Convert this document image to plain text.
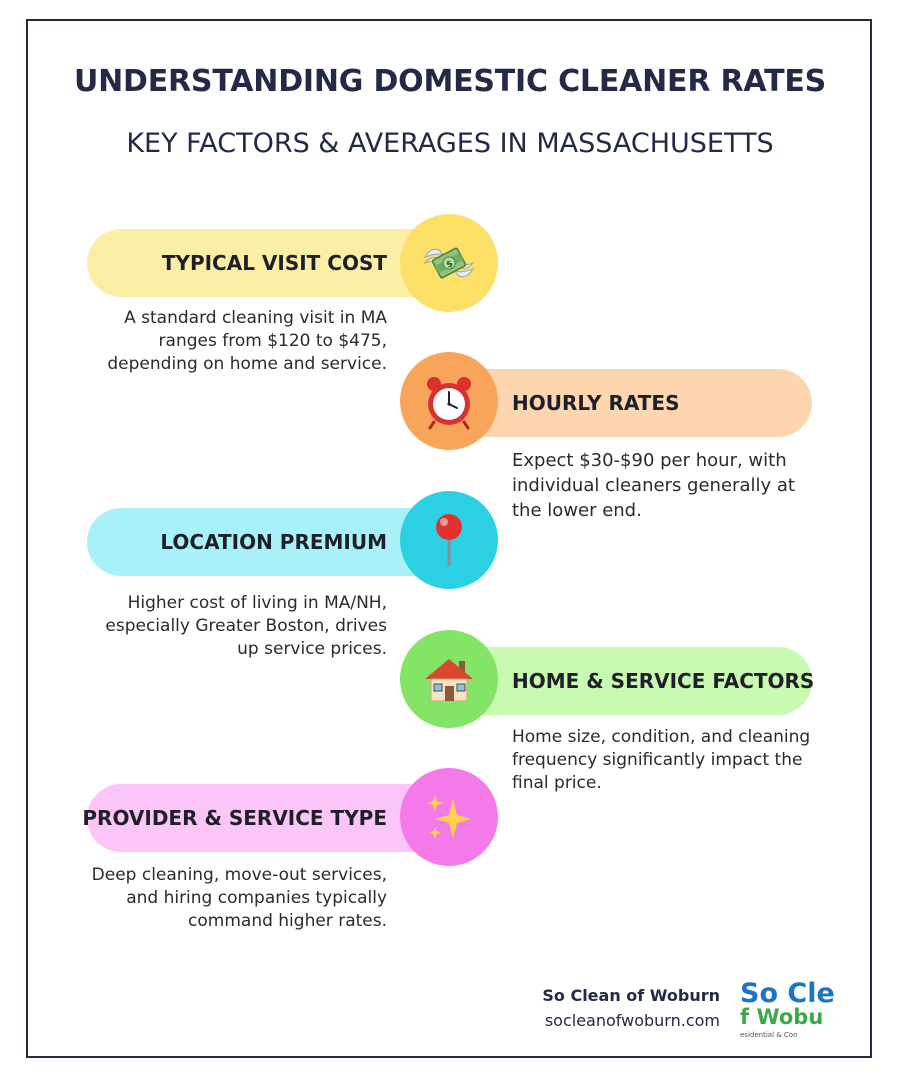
UNDERSTANDING DOMESTIC CLEANER RATES
KEY FACTORS & AVERAGES IN MASSACHUSETTS
TYPICAL VISIT COST	$

A standard cleaning visit in MA ranges from $120 to $475, depending on home and service.

HOURLY RATES

Expect $30-$90 per hour, with individual cleaners generally at the lower end.

LOCATION PREMIUM

Higher cost of living in MA/NH, especially Greater Boston, drives up service prices.

HOME & SERVICE FACTORS

Home size, condition, and cleaning frequency significantly impact the final price.

PROVIDER & SERVICE TYPE

Deep cleaning, move-out services, and hiring companies typically command higher rates.

So Clean of Woburn
socleanofwoburn.com
So Cle
f Wobu
esidential & Con
